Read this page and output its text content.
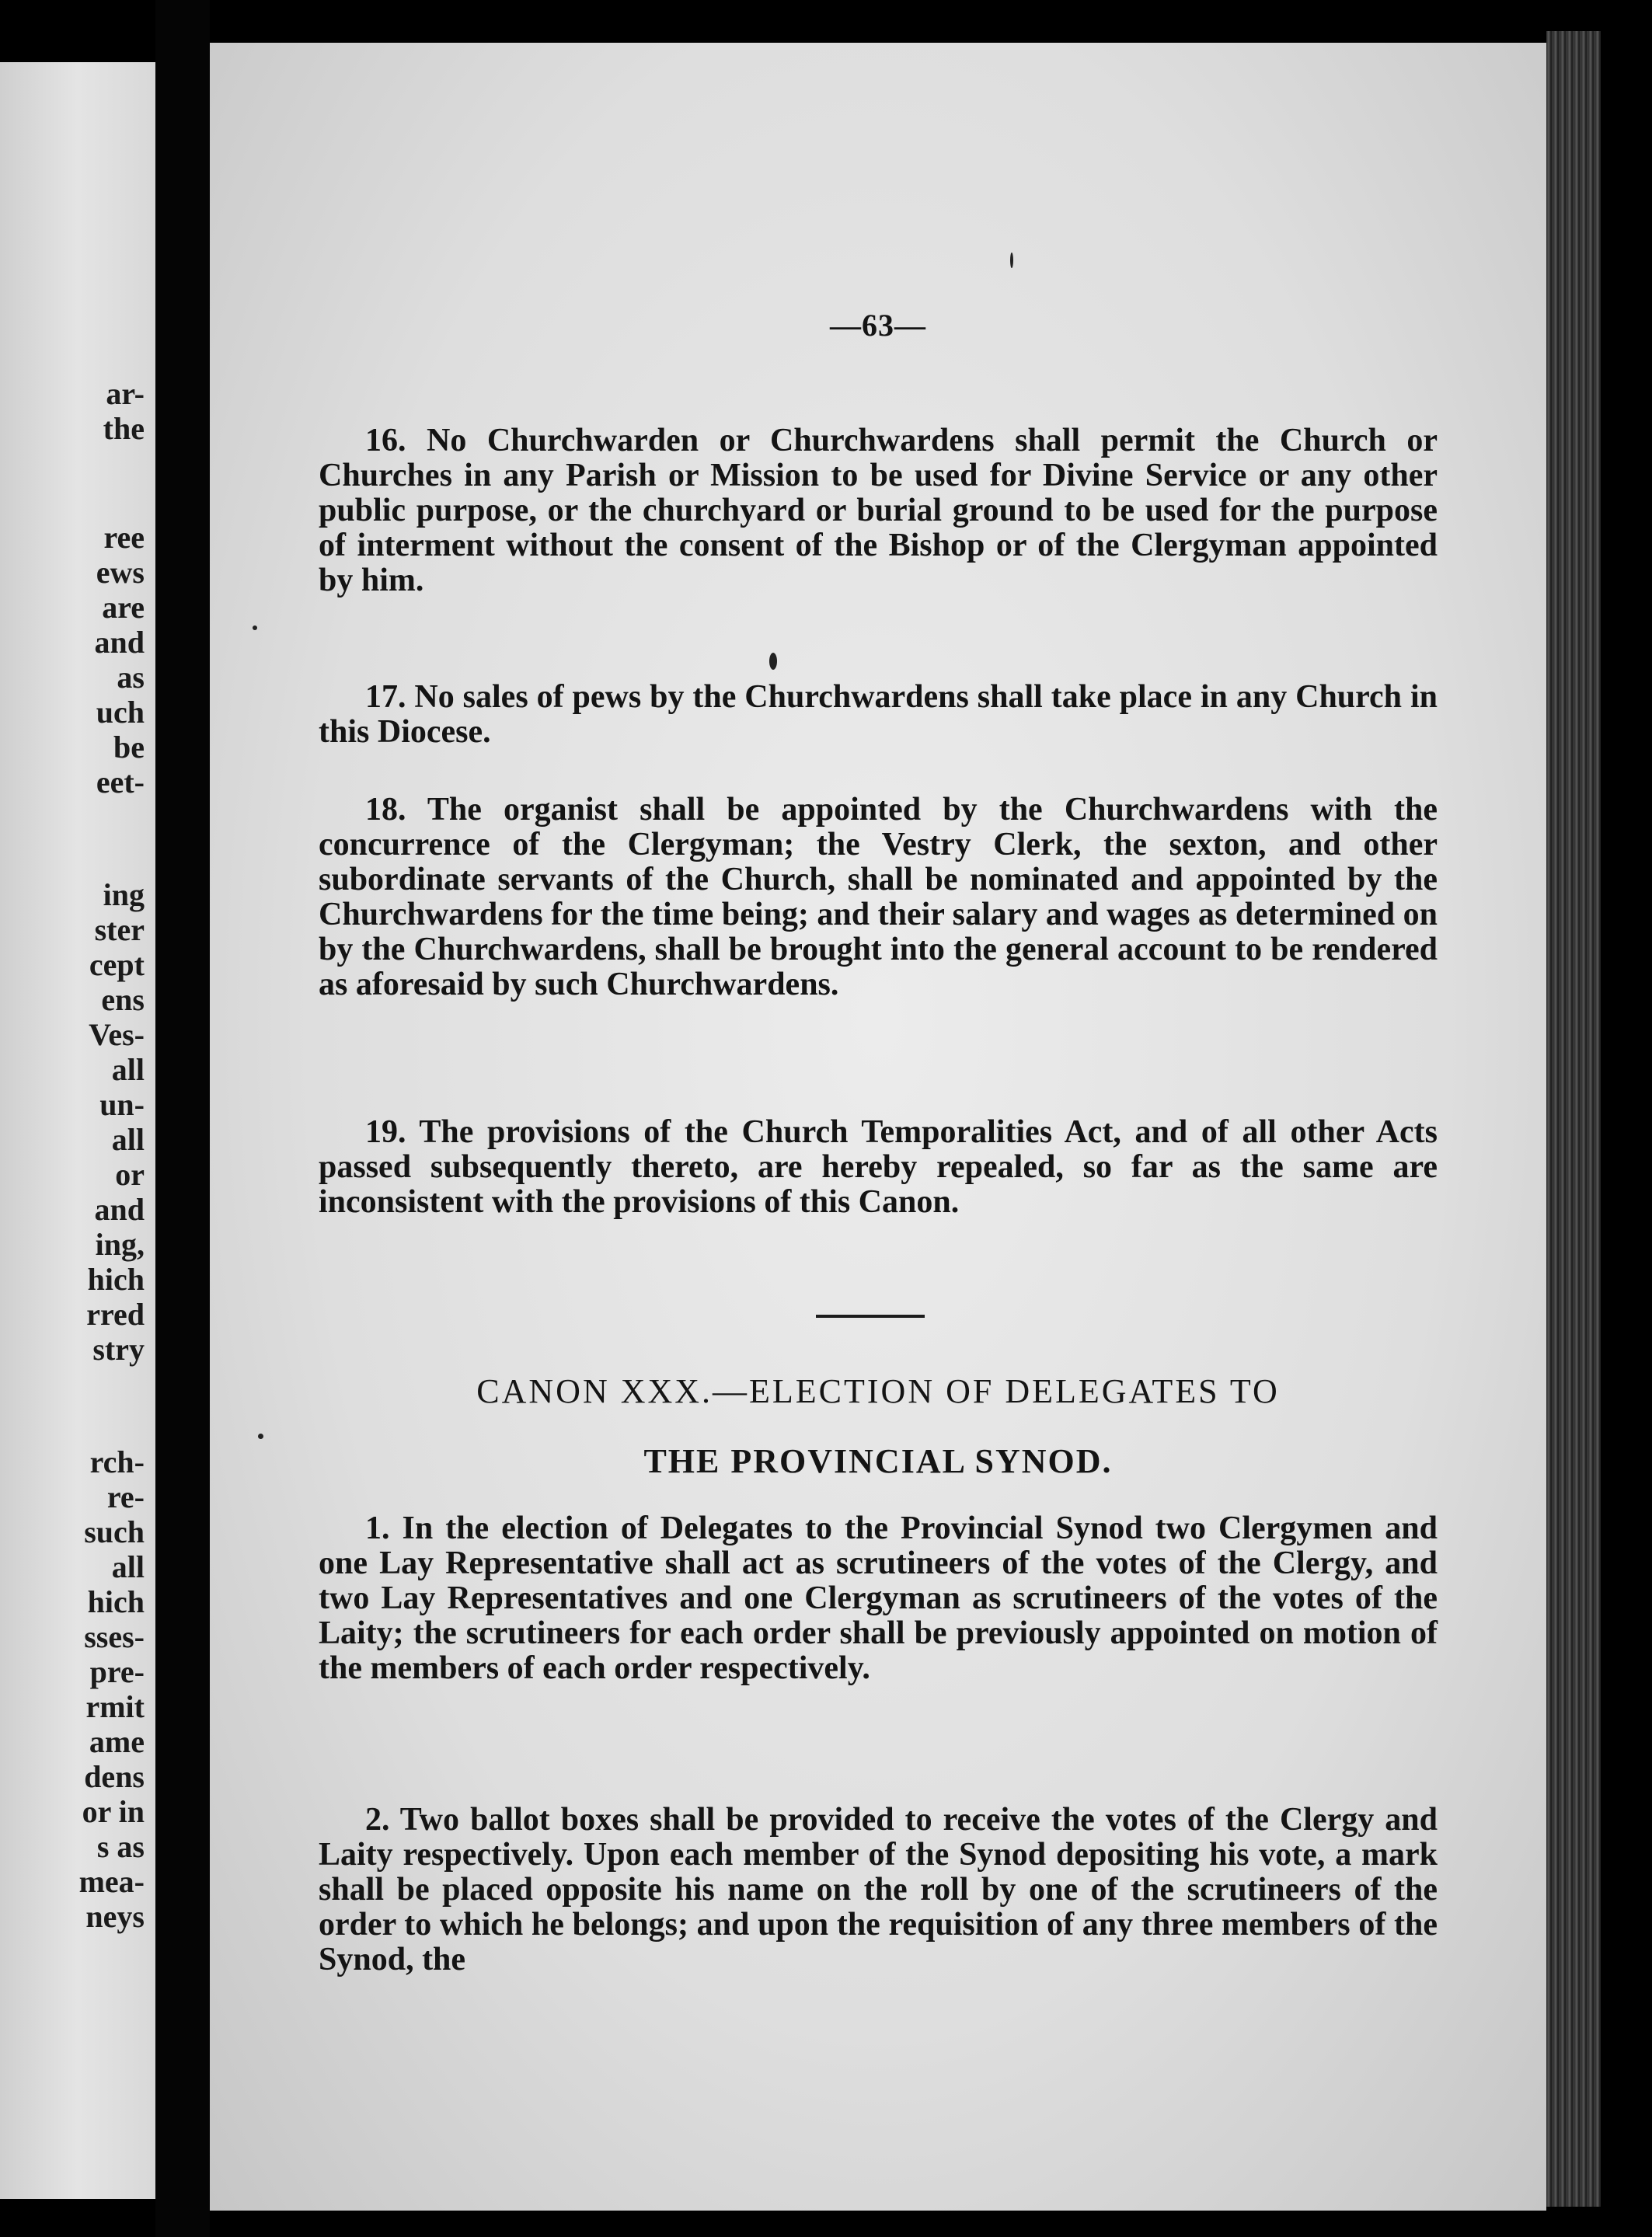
ar-
the
ree
ews
are
and
as
uch
be
eet-
ing
ster
cept
ens
Ves-
all
un-
all
or
and
ing,
hich
rred
stry
rch-
re-
such
all
hich
sses-
pre-
rmit
ame
dens
or in
s as
mea-
neys
—63—

16. No Churchwarden or Churchwardens shall permit the Church or Churches in any Parish or Mission to be used for Divine Service or any other public purpose, or the churchyard or burial ground to be used for the purpose of interment without the consent of the Bishop or of the Clergyman appointed by him.

17. No sales of pews by the Churchwardens shall take place in any Church in this Diocese.

18. The organist shall be appointed by the Churchwardens with the concurrence of the Clergyman; the Vestry Clerk, the sexton, and other subordinate servants of the Church, shall be nominated and appointed by the Churchwardens for the time being; and their salary and wages as determined on by the Churchwardens, shall be brought into the general account to be rendered as aforesaid by such Churchwardens.

19. The provisions of the Church Temporalities Act, and of all other Acts passed subsequently thereto, are hereby repealed, so far as the same are inconsistent with the provisions of this Canon.

CANON XXX.—ELECTION OF DELEGATES TO
THE PROVINCIAL SYNOD.

1. In the election of Delegates to the Provincial Synod two Clergymen and one Lay Representative shall act as scrutineers of the votes of the Clergy, and two Lay Representatives and one Clergyman as scrutineers of the votes of the Laity; the scrutineers for each order shall be previously appointed on motion of the members of each order respectively.

2. Two ballot boxes shall be provided to receive the votes of the Clergy and Laity respectively. Upon each member of the Synod depositing his vote, a mark shall be placed opposite his name on the roll by one of the scrutineers of the order to which he belongs; and upon the requisition of any three members of the Synod, the
